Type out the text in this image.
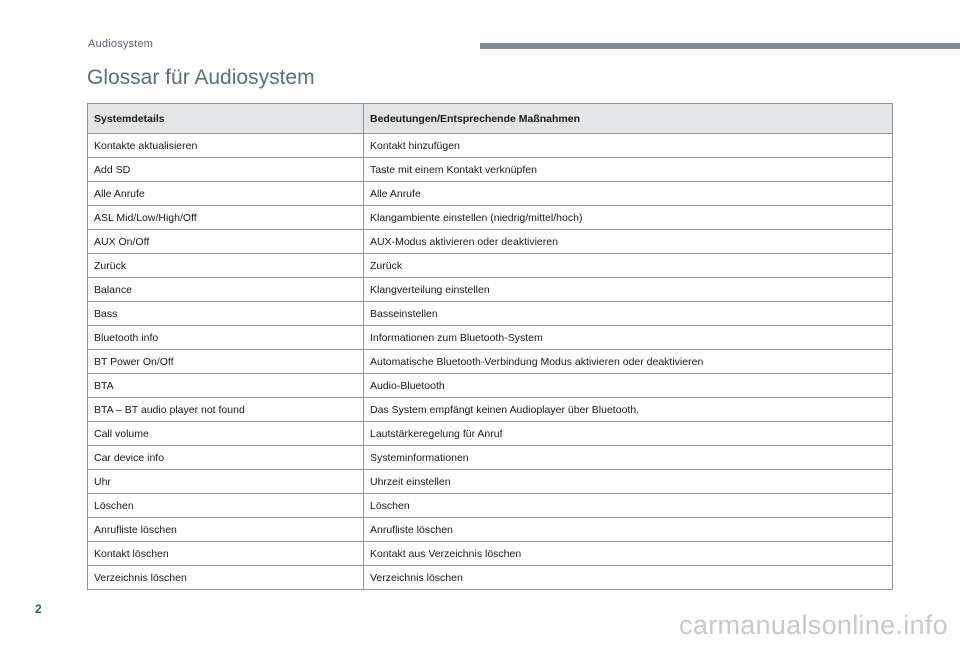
Audiosystem
Glossar für Audiosystem
Systemdetails	Bedeutungen/Entsprechende Maßnahmen
Kontakte aktualisieren	Kontakt hinzufügen
Add SD	Taste mit einem Kontakt verknüpfen
Alle Anrufe	Alle Anrufe
ASL Mid/Low/High/Off	Klangambiente einstellen (niedrig/mittel/hoch)
AUX On/Off	AUX-Modus aktivieren oder deaktivieren
Zurück	Zurück
Balance	Klangverteilung einstellen
Bass	Basseinstellen
Bluetooth info	Informationen zum Bluetooth-System
BT Power On/Off	Automatische Bluetooth-Verbindung Modus aktivieren oder deaktivieren
BTA	Audio-Bluetooth
BTA – BT audio player not found	Das System empfängt keinen Audioplayer über Bluetooth.
Call volume	Lautstärkeregelung für Anruf
Car device info	Systeminformationen
Uhr	Uhrzeit einstellen
Löschen	Löschen
Anrufliste löschen	Anrufliste löschen
Kontakt löschen	Kontakt aus Verzeichnis löschen
Verzeichnis löschen	Verzeichnis löschen
2
carmanualsonline.info
